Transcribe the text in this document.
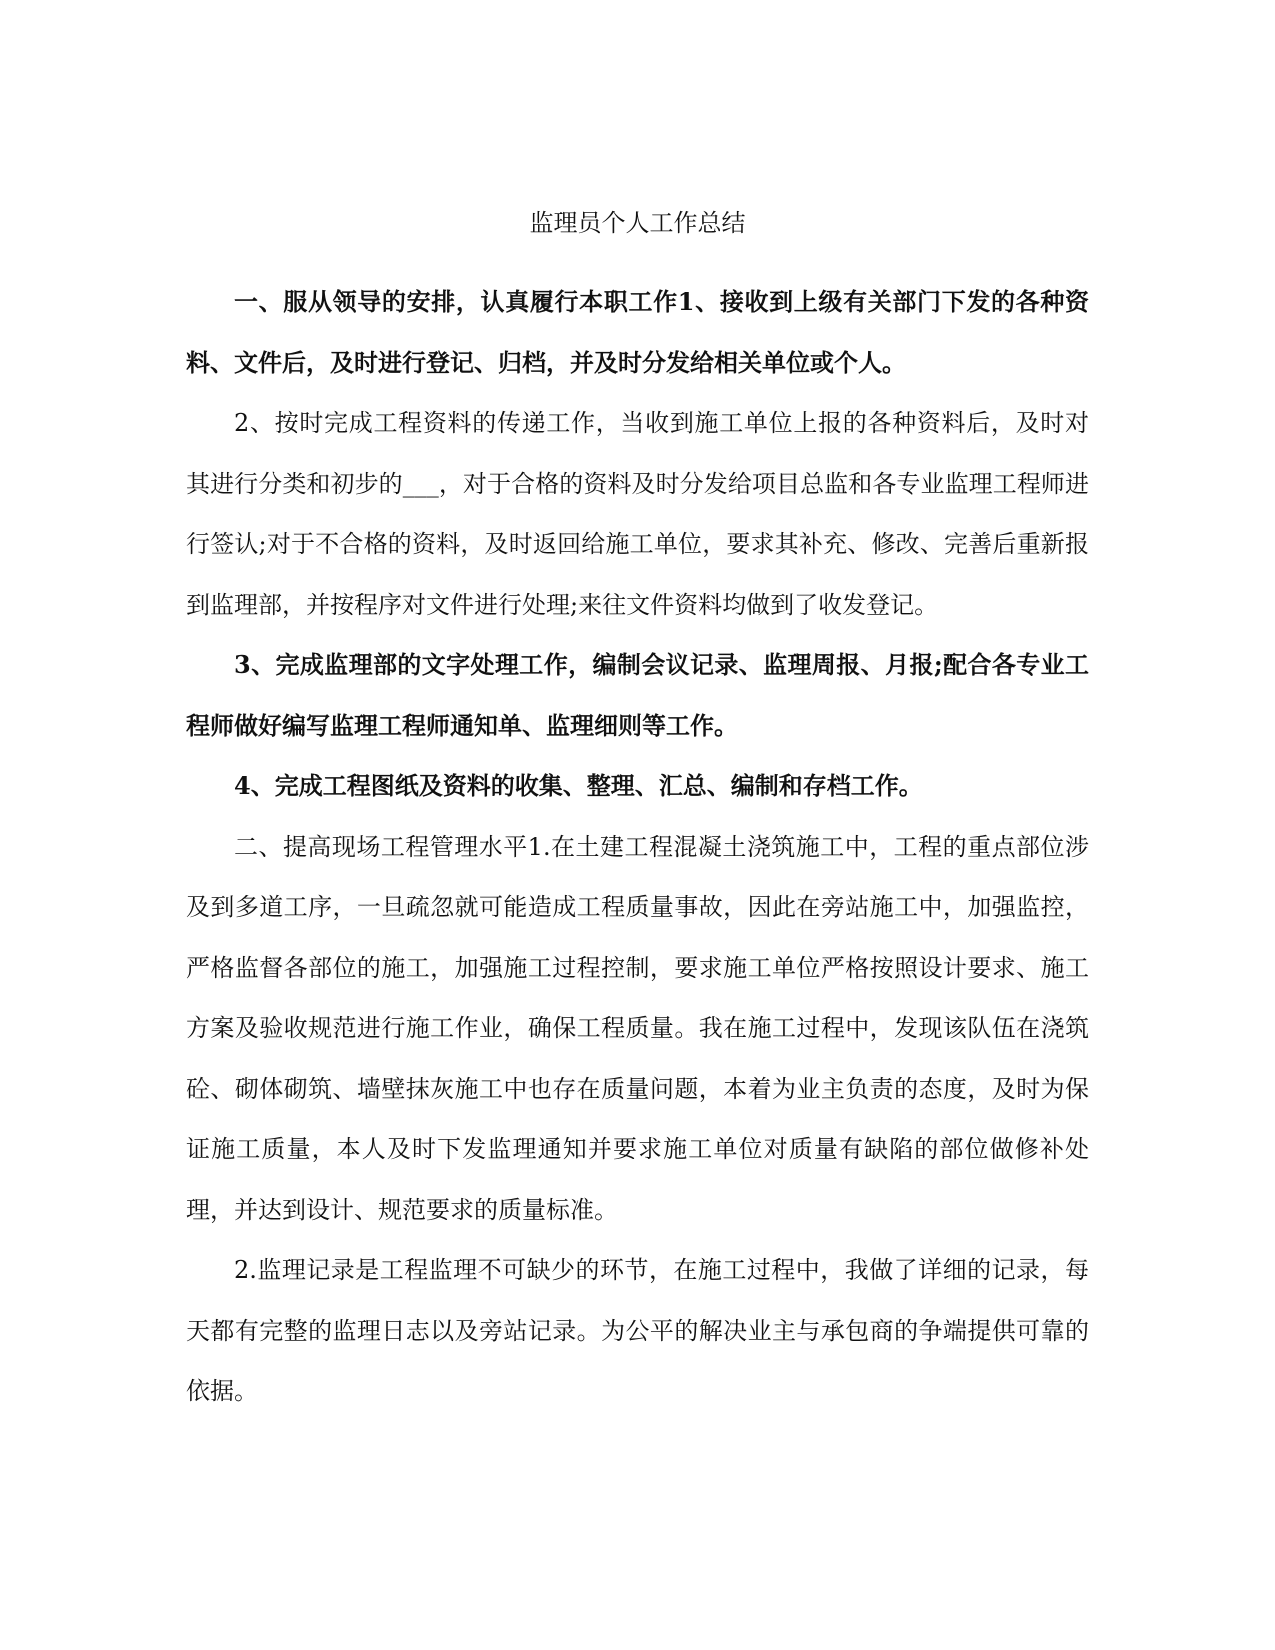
监理员个人工作总结

一、服从领导的安排，认真履行本职工作1、接收到上级有关部门下发的各种资料、文件后，及时进行登记、归档，并及时分发给相关单位或个人。

2、按时完成工程资料的传递工作，当收到施工单位上报的各种资料后，及时对其进行分类和初步的___，对于合格的资料及时分发给项目总监和各专业监理工程师进行签认;对于不合格的资料，及时返回给施工单位，要求其补充、修改、完善后重新报到监理部，并按程序对文件进行处理;来往文件资料均做到了收发登记。

3、完成监理部的文字处理工作，编制会议记录、监理周报、月报;配合各专业工程师做好编写监理工程师通知单、监理细则等工作。

4、完成工程图纸及资料的收集、整理、汇总、编制和存档工作。

二、提高现场工程管理水平1.在土建工程混凝土浇筑施工中，工程的重点部位涉及到多道工序，一旦疏忽就可能造成工程质量事故，因此在旁站施工中，加强监控，严格监督各部位的施工，加强施工过程控制，要求施工单位严格按照设计要求、施工方案及验收规范进行施工作业，确保工程质量。我在施工过程中，发现该队伍在浇筑砼、砌体砌筑、墙壁抹灰施工中也存在质量问题，本着为业主负责的态度，及时为保证施工质量，本人及时下发监理通知并要求施工单位对质量有缺陷的部位做修补处理，并达到设计、规范要求的质量标准。

2.监理记录是工程监理不可缺少的环节，在施工过程中，我做了详细的记录，每天都有完整的监理日志以及旁站记录。为公平的解决业主与承包商的争端提供可靠的依据。
